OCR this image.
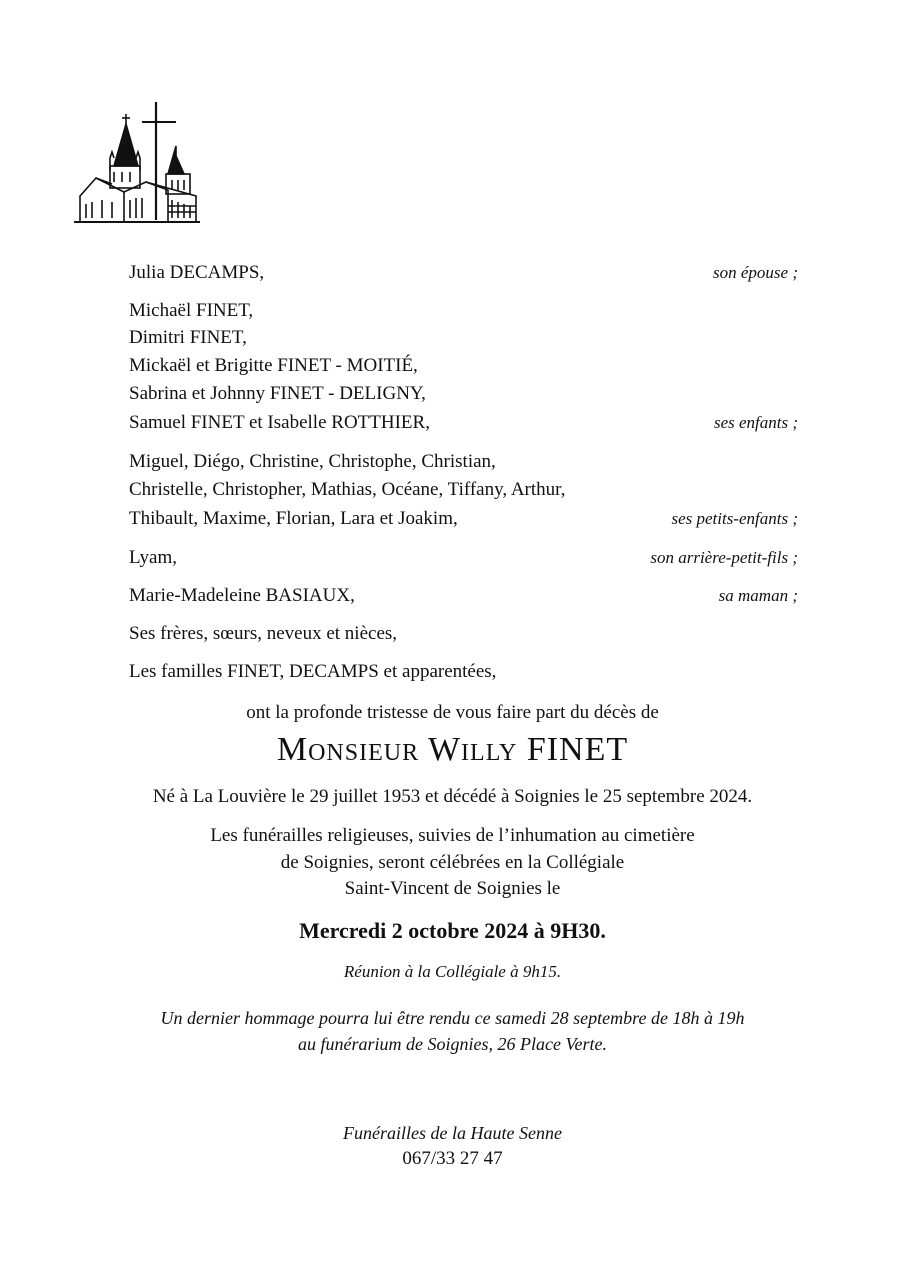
Julia DECAMPS,	son épouse ;
Michaël FINET,
Dimitri FINET,
Mickaël et Brigitte FINET - MOITIÉ,
Sabrina et Johnny FINET - DELIGNY,
Samuel FINET et Isabelle ROTTHIER,	ses enfants ;
Miguel, Diégo, Christine, Christophe, Christian,
Christelle, Christopher, Mathias, Océane, Tiffany, Arthur,
Thibault, Maxime, Florian, Lara et Joakim,	ses petits-enfants ;
Lyam,	son arrière-petit-fils ;
Marie-Madeleine BASIAUX,	sa maman ;
Ses frères, sœurs, neveux et nièces,
Les familles FINET, DECAMPS et apparentées,
ont la profonde tristesse de vous faire part du décès de
Monsieur Willy FINET
Né à La Louvière le 29 juillet 1953 et décédé à Soignies le 25 septembre 2024.
Les funérailles religieuses, suivies de l’inhumation au cimetière
de Soignies, seront célébrées en la Collégiale
Saint-Vincent de Soignies le
Mercredi 2 octobre 2024 à 9H30.
Réunion à la Collégiale à 9h15.
Un dernier hommage pourra lui être rendu ce samedi 28 septembre de 18h à 19h
au funérarium de Soignies, 26 Place Verte.
Funérailles de la Haute Senne
067/33 27 47
